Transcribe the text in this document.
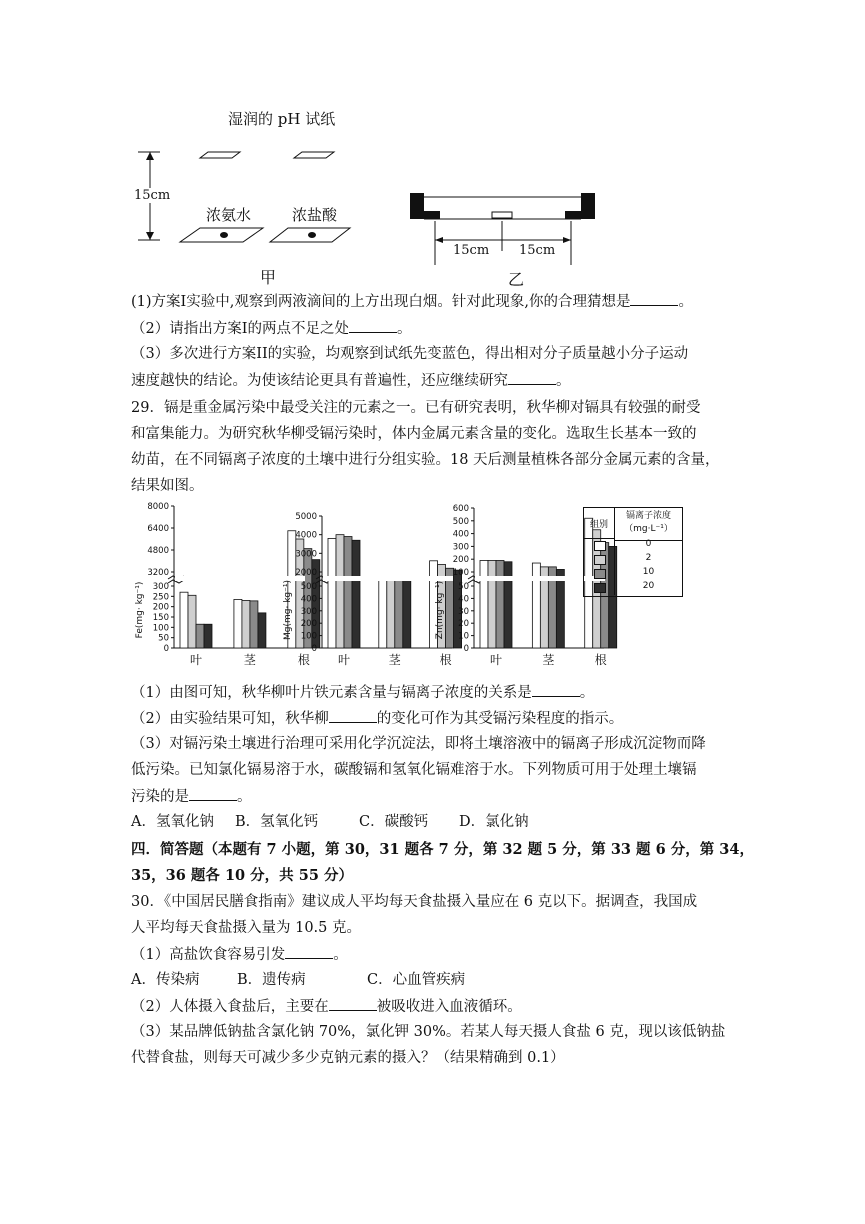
湿润的 pH 试纸
15cm
浓氨水	浓盐酸
甲
15cm 15cm
乙
(1)方案I实验中,观察到两液滴间的上方出现白烟。针对此现象,你的合理猜想是	。
（2）请指出方案I的两点不足之处	。
（3）多次进行方案II的实验，均观察到试纸先变蓝色，得出相对分子质量越小分子运动
速度越快的结论。为使该结论更具有普遍性，还应继续研究	。
29．镉是重金属污染中最受关注的元素之一。已有研究表明，秋华柳对镉具有较强的耐受
和富集能力。为研究秋华柳受镉污染时，体内金属元素含量的变化。选取生长基本一致的
幼苗，在不同镉离子浓度的土壤中进行分组实验。18 天后测量植株各部分金属元素的含量，
结果如图。
8000
6400
4800
3200
300
250
200
150
100
50
0
Fe(mg· kg⁻¹)
叶	茎	根
5000
4000
3000
2000
500
400
300
200
100
0
Mg(mg· kg⁻¹)
叶	茎	根
600
500
400
300
200
100
50
40
30
20
10
0
Zn(mg· kg⁻¹)
叶	茎	根
组别
镉离子浓度
（mg·L⁻¹）
0
2
10
20
（1）由图可知，秋华柳叶片铁元素含量与镉离子浓度的关系是	。
（2）由实验结果可知，秋华柳	的变化可作为其受镉污染程度的指示。
（3）对镉污染土壤进行治理可采用化学沉淀法，即将土壤溶液中的镉离子形成沉淀物而降
低污染。已知氯化镉易溶于水，碳酸镉和氢氧化镉难溶于水。下列物质可用于处理土壤镉
污染的是	。
A．氢氧化钠 B．氢氧化钙	C．碳酸钙 D．氯化钠
四．简答题（本题有 7 小题，第 30，31 题各 7 分，第 32 题 5 分，第 33 题 6 分，第 34，
35，36 题各 10 分，共 55 分）
30．《中国居民膳食指南》建议成人平均每天食盐摄入量应在 6 克以下。据调查，我国成
人平均每天食盐摄入量为 10.5 克。
（1）高盐饮食容易引发	。
A．传染病	B．遗传病	C．心血管疾病
（2）人体摄入食盐后，主要在	被吸收进入血液循环。
（3）某品牌低钠盐含氯化钠 70%，氯化钾 30%。若某人每天摄人食盐 6 克，现以该低钠盐
代替食盐，则每天可减少多少克钠元素的摄入？（结果精确到 0.1）
